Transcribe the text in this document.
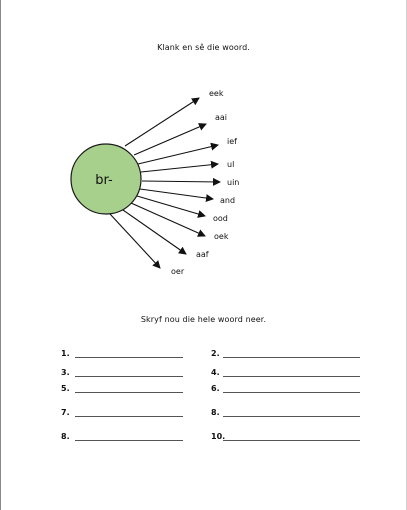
Klank en sê die woord.
br-
eek
aai
ief
ul
uin
and
ood
oek
aaf
oer
Skryf nou die hele woord neer.
1.	2.
3.	4.
5.	6.
7.	8.
8.	10.
